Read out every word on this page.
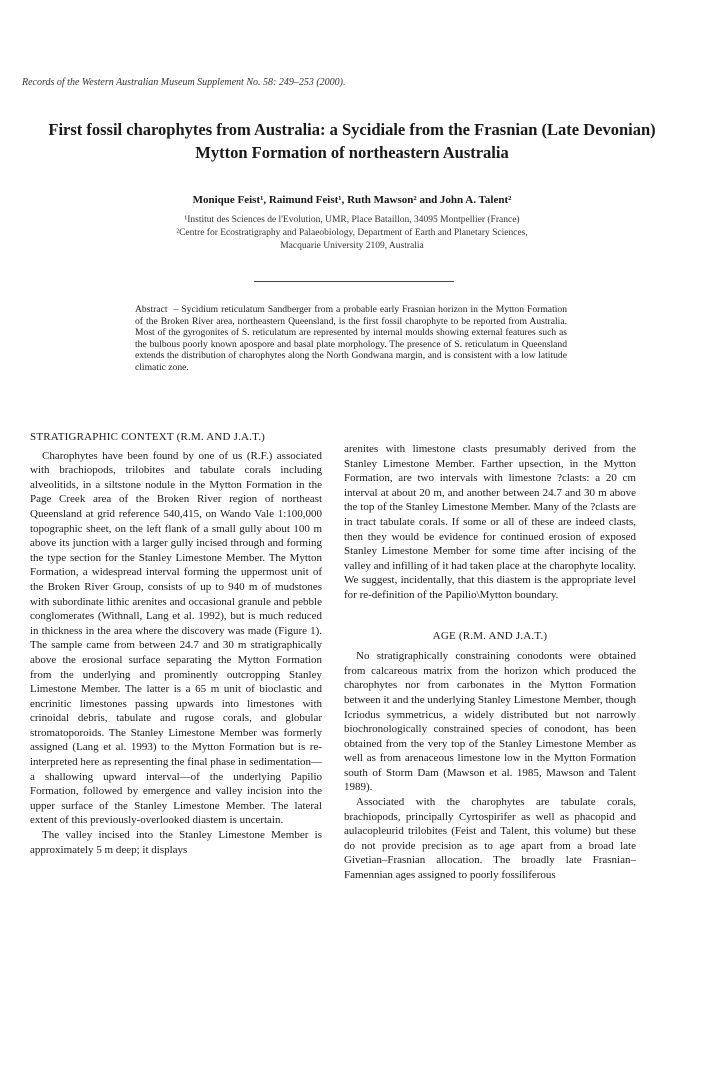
Records of the Western Australian Museum Supplement No. 58: 249–253 (2000).
First fossil charophytes from Australia: a Sycidiale from the Frasnian (Late Devonian) Mytton Formation of northeastern Australia
Monique Feist¹, Raimund Feist¹, Ruth Mawson² and John A. Talent²
¹Institut des Sciences de l'Evolution, UMR, Place Bataillon, 34095 Montpellier (France)
²Centre for Ecostratigraphy and Palaeobiology, Department of Earth and Planetary Sciences,
Macquarie University 2109, Australia
Abstract – Sycidium reticulatum Sandberger from a probable early Frasnian horizon in the Mytton Formation of the Broken River area, northeastern Queensland, is the first fossil charophyte to be reported from Australia. Most of the gyrogonites of S. reticulatum are represented by internal moulds showing external features such as the bulbous poorly known apospore and basal plate morphology. The presence of S. reticulatum in Queensland extends the distribution of charophytes along the North Gondwana margin, and is consistent with a low latitude climatic zone.
STRATIGRAPHIC CONTEXT (R.M. AND J.A.T.)

Charophytes have been found by one of us (R.F.) associated with brachiopods, trilobites and tabulate corals including alveolitids, in a siltstone nodule in the Mytton Formation in the Page Creek area of the Broken River region of northeast Queensland at grid reference 540,415, on Wando Vale 1:100,000 topographic sheet, on the left flank of a small gully about 100 m above its junction with a larger gully incised through and forming the type section for the Stanley Limestone Member. The Mytton Formation, a widespread interval forming the uppermost unit of the Broken River Group, consists of up to 940 m of mudstones with subordinate lithic arenites and occasional granule and pebble conglomerates (Withnall, Lang et al. 1992), but is much reduced in thickness in the area where the discovery was made (Figure 1). The sample came from between 24.7 and 30 m stratigraphically above the erosional surface separating the Mytton Formation from the underlying and prominently outcropping Stanley Limestone Member. The latter is a 65 m unit of bioclastic and encrinitic limestones passing upwards into limestones with crinoidal debris, tabulate and rugose corals, and globular stromatoporoids. The Stanley Limestone Member was formerly assigned (Lang et al. 1993) to the Mytton Formation but is re-interpreted here as representing the final phase in sedimentation—a shallowing upward interval—of the underlying Papilio Formation, followed by emergence and valley incision into the upper surface of the Stanley Limestone Member. The lateral extent of this previously-overlooked diastem is uncertain.

The valley incised into the Stanley Limestone Member is approximately 5 m deep; it displays

arenites with limestone clasts presumably derived from the Stanley Limestone Member. Farther upsection, in the Mytton Formation, are two intervals with limestone ?clasts: a 20 cm interval at about 20 m, and another between 24.7 and 30 m above the top of the Stanley Limestone Member. Many of the ?clasts are in tract tabulate corals. If some or all of these are indeed clasts, then they would be evidence for continued erosion of exposed Stanley Limestone Member for some time after incising of the valley and infilling of it had taken place at the charophyte locality. We suggest, incidentally, that this diastem is the appropriate level for re-definition of the Papilio\Mytton boundary.

AGE (R.M. AND J.A.T.)

No stratigraphically constraining conodonts were obtained from calcareous matrix from the horizon which produced the charophytes nor from carbonates in the Mytton Formation between it and the underlying Stanley Limestone Member, though Icriodus symmetricus, a widely distributed but not narrowly biochronologically constrained species of conodont, has been obtained from the very top of the Stanley Limestone Member as well as from arenaceous limestone low in the Mytton Formation south of Storm Dam (Mawson et al. 1985, Mawson and Talent 1989).

Associated with the charophytes are tabulate corals, brachiopods, principally Cyrtospirifer as well as phacopid and aulacopleurid trilobites (Feist and Talent, this volume) but these do not provide precision as to age apart from a broad late Givetian–Frasnian allocation. The broadly late Frasnian–Famennian ages assigned to poorly fossiliferous
